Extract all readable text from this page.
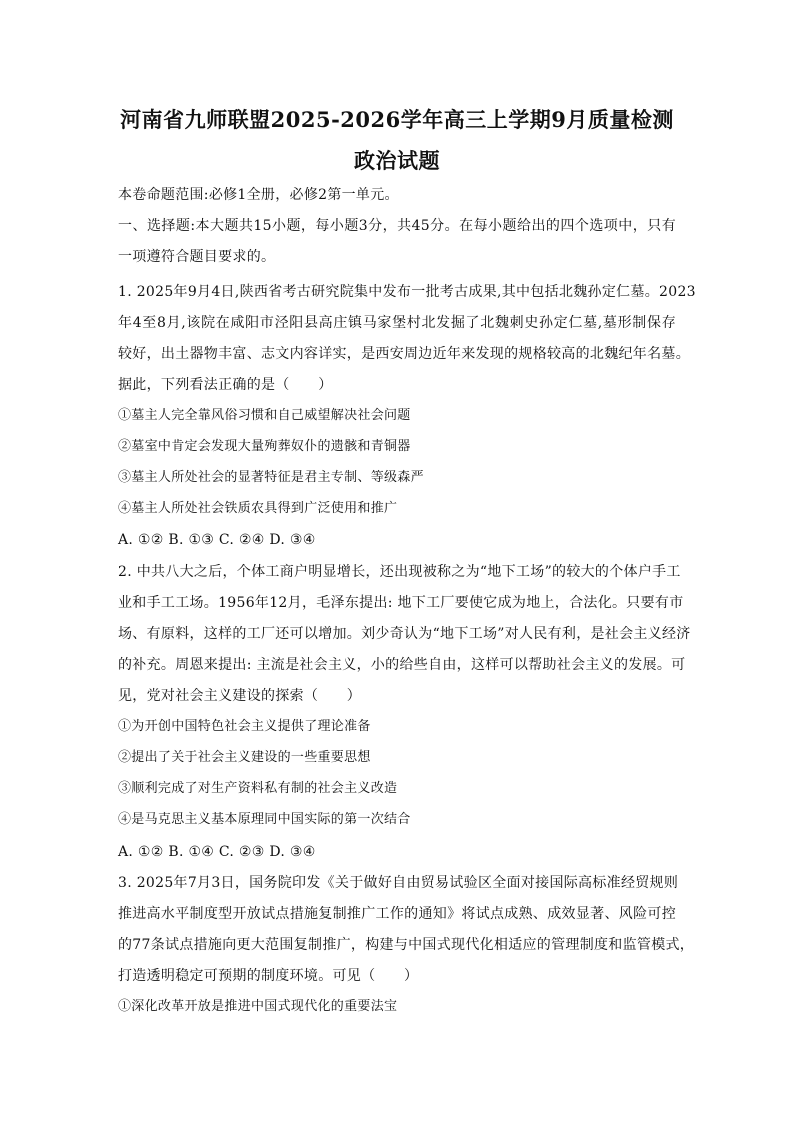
河南省九师联盟2025-2026学年高三上学期9月质量检测
政治试题
本卷命题范围:必修1全册，必修2第一单元。
一、选择题:本大题共15小题，每小题3分，共45分。在每小题给出的四个选项中，只有
一项遵符合题目要求的。
1. 2025年9月4日,陕西省考古研究院集中发布一批考古成果,其中包括北魏孙定仁墓。2023
年4至8月,该院在咸阳市泾阳县高庄镇马家堡村北发掘了北魏刺史孙定仁墓,墓形制保存
较好，出土器物丰富、志文内容详实，是西安周边近年来发现的规格较高的北魏纪年名墓。
据此，下列看法正确的是（　　）
①墓主人完全靠风俗习惯和自己威望解决社会问题
②墓室中肯定会发现大量殉葬奴仆的遗骸和青铜器
③墓主人所处社会的显著特征是君主专制、等级森严
④墓主人所处社会铁质农具得到广泛使用和推广
A. ①② B. ①③ C. ②④ D. ③④
2. 中共八大之后，个体工商户明显增长，还出现被称之为“地下工场”的较大的个体户手工
业和手工工场。1956年12月，毛泽东提出: 地下工厂要使它成为地上，合法化。只要有市
场、有原料，这样的工厂还可以增加。刘少奇认为“地下工场”对人民有利，是社会主义经济
的补充。周恩来提出: 主流是社会主义，小的给些自由，这样可以帮助社会主义的发展。可
见，党对社会主义建设的探索（　　）
①为开创中国特色社会主义提供了理论准备
②提出了关于社会主义建设的一些重要思想
③顺利完成了对生产资料私有制的社会主义改造
④是马克思主义基本原理同中国实际的第一次结合
A. ①② B. ①④ C. ②③ D. ③④
3. 2025年7月3日，国务院印发《关于做好自由贸易试验区全面对接国际高标准经贸规则
推进高水平制度型开放试点措施复制推广工作的通知》将试点成熟、成效显著、风险可控
的77条试点措施向更大范围复制推广，构建与中国式现代化相适应的管理制度和监管模式，
打造透明稳定可预期的制度环境。可见（　　）
①深化改革开放是推进中国式现代化的重要法宝
